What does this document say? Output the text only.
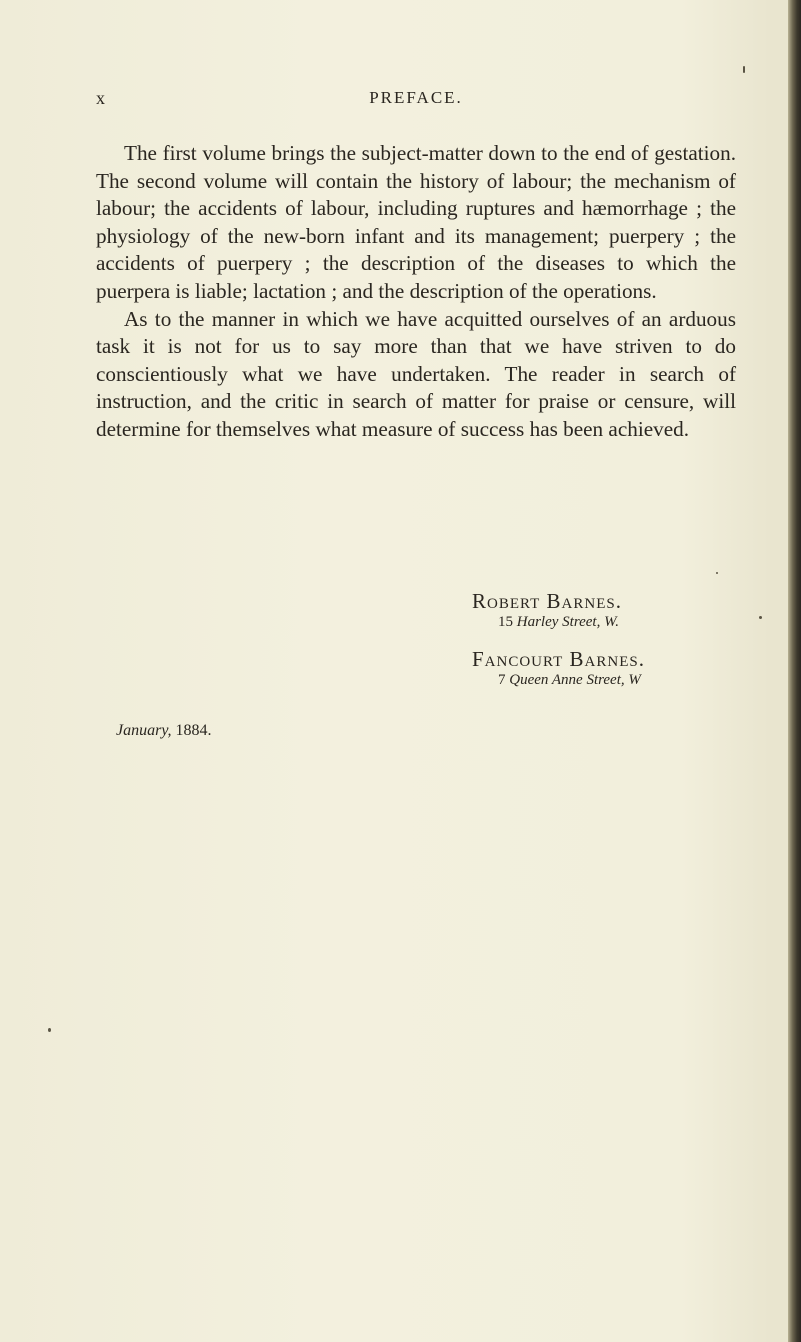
x	PREFACE.

The first volume brings the subject-matter down to the end of gestation. The second volume will contain the history of labour; the mechanism of labour; the accidents of labour, including ruptures and hæmorrhage ; the physiology of the new-born infant and its management; puerpery ; the accidents of puerpery ; the description of the diseases to which the puerpera is liable; lactation ; and the description of the operations.

As to the manner in which we have acquitted ourselves of an arduous task it is not for us to say more than that we have striven to do conscientiously what we have undertaken. The reader in search of instruction, and the critic in search of matter for praise or censure, will determine for themselves what measure of success has been achieved.

Robert Barnes.
15 Harley Street, W.
Fancourt Barnes.
7 Queen Anne Street, W
January, 1884.
